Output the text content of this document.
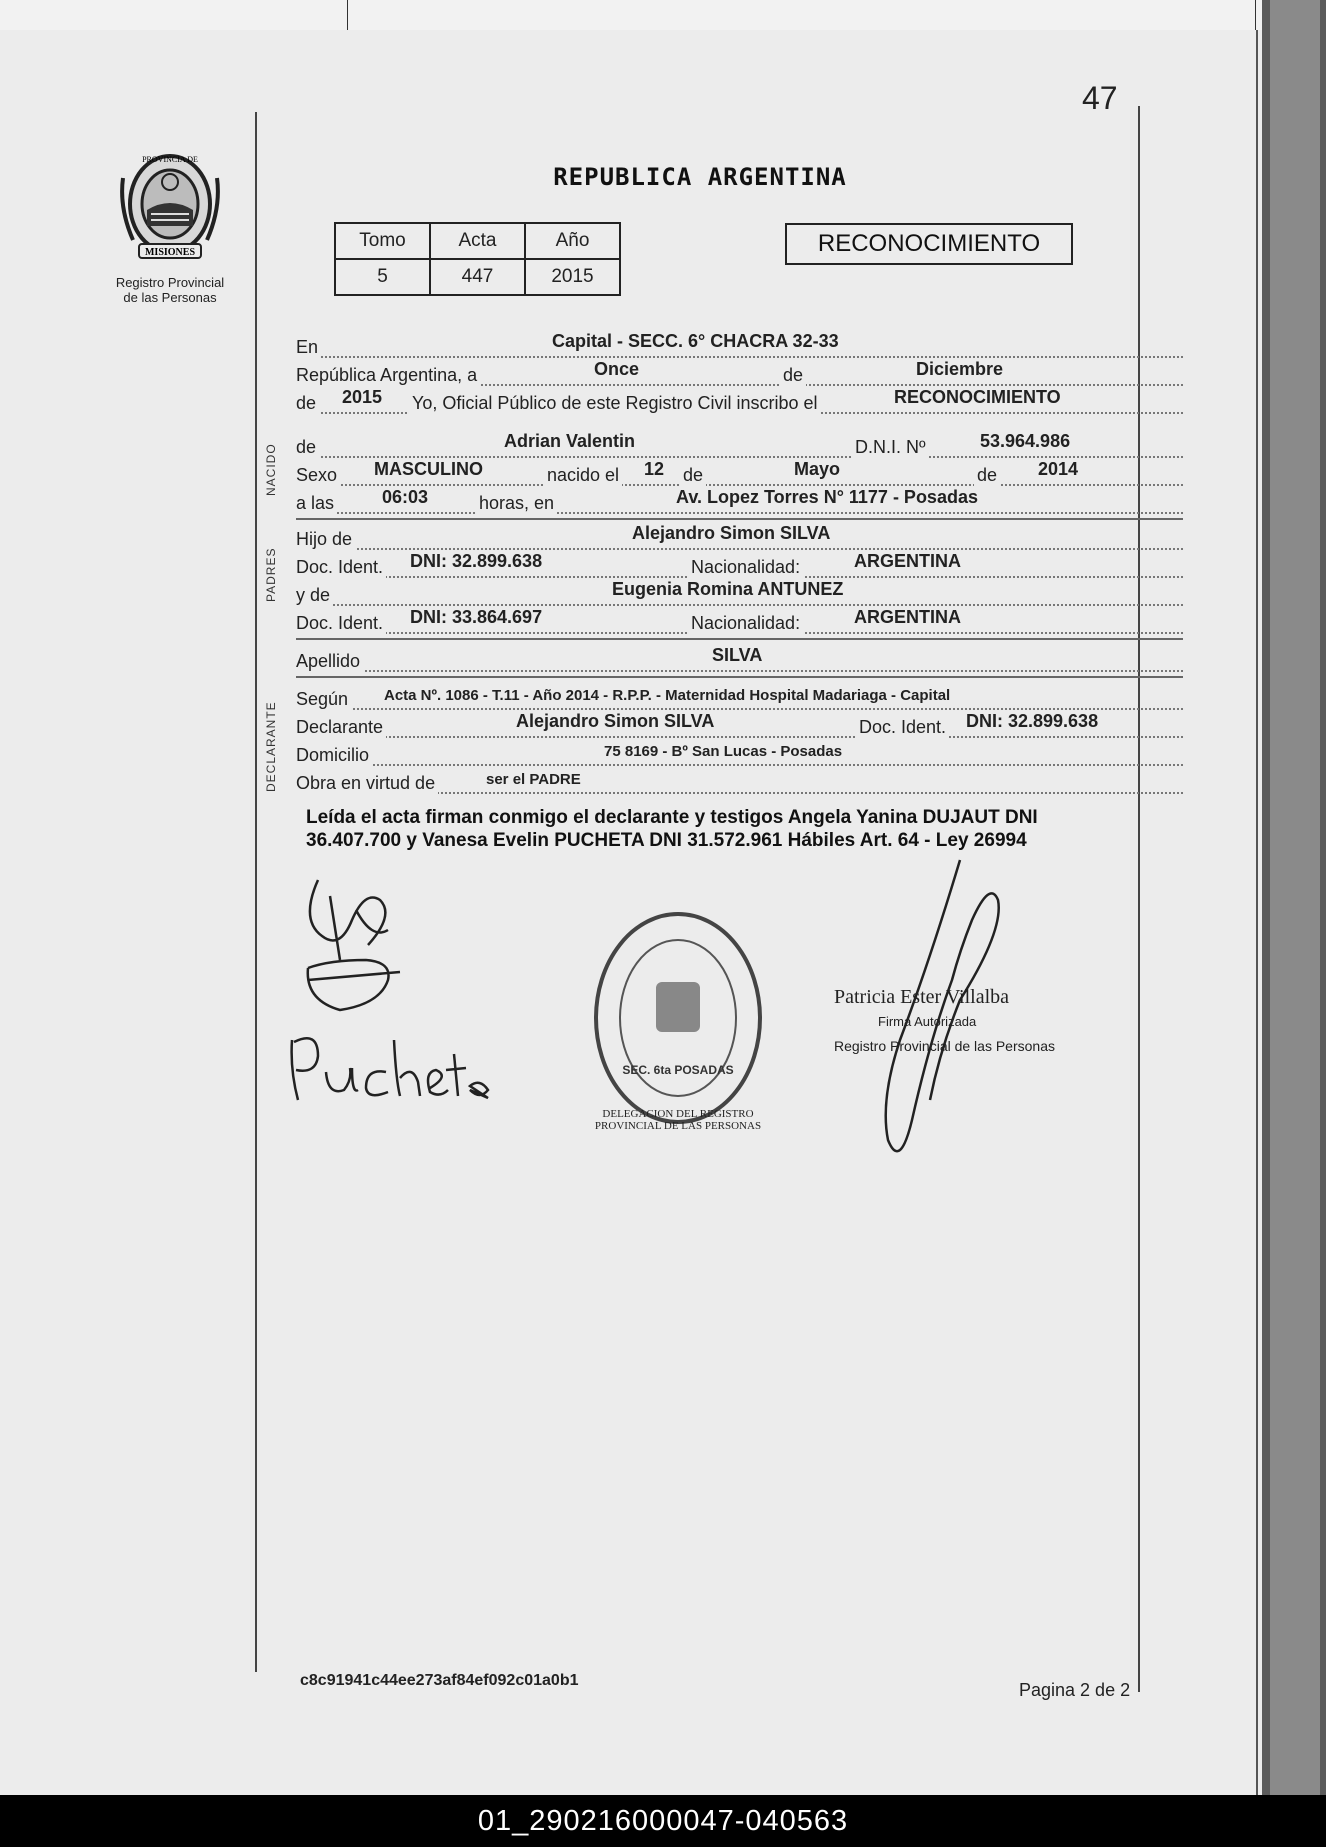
47
MISIONES
PROVINCIA DE
Registro Provincial
de las Personas
REPUBLICA ARGENTINA
Tomo	Acta	Año
5	447	2015
RECONOCIMIENTO
En	Capital - SECC. 6° CHACRA 32-33
República Argentina, a	Once	de	Diciembre
de 2015 Yo, Oficial Público de este Registro Civil inscribo el	RECONOCIMIENTO
NACIDO de	Adrian Valentin	D.N.I. Nº	53.964.986
Sexo MASCULINO	nacido el 12 de	Mayo	de 2014
a las	06:03	horas, en	Av. Lopez Torres N° 1177 - Posadas
PADRES
Hijo de	Alejandro Simon SILVA
Doc. Ident. DNI: 32.899.638	Nacionalidad:	ARGENTINA
y de	Eugenia Romina ANTUNEZ
Doc. Ident. DNI: 33.864.697	Nacionalidad:	ARGENTINA
Apellido	SILVA
DECLARANTE
Según Acta Nº. 1086 - T.11 - Año 2014 - R.P.P. - Maternidad Hospital Madariaga - Capital
Declarante	Alejandro Simon SILVA	Doc. Ident. DNI: 32.899.638
Domicilio	75 8169 - Bº San Lucas - Posadas
Obra en virtud de	ser el PADRE
Leída el acta firman conmigo el declarante y testigos Angela Yanina DUJAUT DNI 36.407.700 y Vanesa Evelin PUCHETA DNI 31.572.961 Hábiles Art. 64 - Ley 26994
SEC. 6ta POSADAS
DELEGACION DEL REGISTRO PROVINCIAL DE LAS PERSONAS
Patricia Ester Villalba
Firma Autorizada
Registro Provincial de las Personas
c8c91941c44ee273af84ef092c01a0b1	Pagina 2 de 2
01_290216000047-040563
